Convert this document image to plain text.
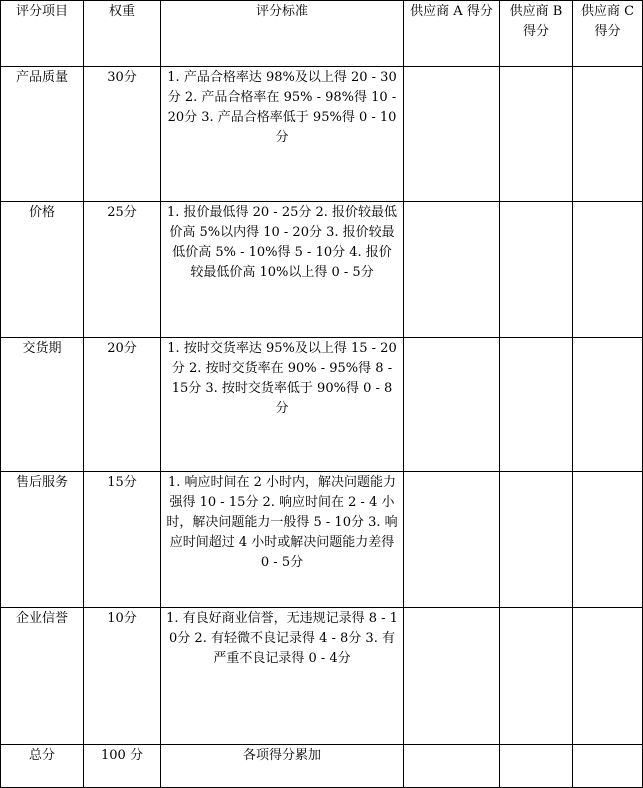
评分项目	权重	评分标准	供应商 A 得分	供应商 B 得分	供应商 C 得分
产品质量	30分	1. 产品合格率达 98%及以上得 20 - 30分 2. 产品合格率在 95% - 98%得 10 - 20分 3. 产品合格率低于 95%得 0 - 10分			
价格	25分	1. 报价最低得 20 - 25分 2. 报价较最低价高 5%以内得 10 - 20分 3. 报价较最低价高 5% - 10%得 5 - 10分 4. 报价较最低价高 10%以上得 0 - 5分			
交货期	20分	1. 按时交货率达 95%及以上得 15 - 20分 2. 按时交货率在 90% - 95%得 8 - 15分 3. 按时交货率低于 90%得 0 - 8分			
售后服务	15分	1. 响应时间在 2 小时内，解决问题能力强得 10 - 15分 2. 响应时间在 2 - 4 小时，解决问题能力一般得 5 - 10分 3. 响应时间超过 4 小时或解决问题能力差得 0 - 5分			
企业信誉	10分	1. 有良好商业信誉，无违规记录得 8 - 10分 2. 有轻微不良记录得 4 - 8分 3. 有严重不良记录得 0 - 4分			
总分	100 分	各项得分累加			
